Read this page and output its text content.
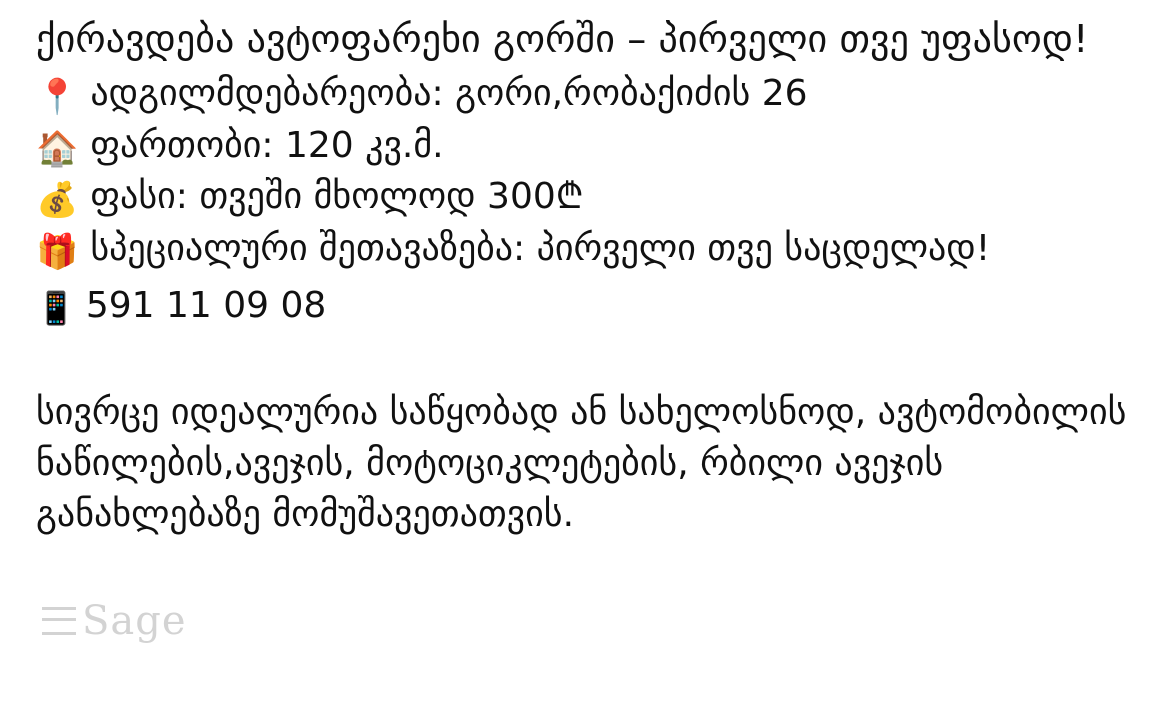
ქირავდება ავტოფარეხი გორში – პირველი თვე უფასოდ!

📍 ადგილმდებარეობა: გორი,რობაქიძის 26
🏠 ფართობი: 120 კვ.მ.
💰 ფასი: თვეში მხოლოდ 300₾
🎁 სპეციალური შეთავაზება: პირველი თვე საცდელად!
📱 591 11 09 08

სივრცე იდეალურია საწყობად ან სახელოსნოდ, ავტომობილის ნაწილების,ავეჯის, მოტოციკლეტების, რბილი ავეჯის განახლებაზე მომუშავეთათვის.

Sage
